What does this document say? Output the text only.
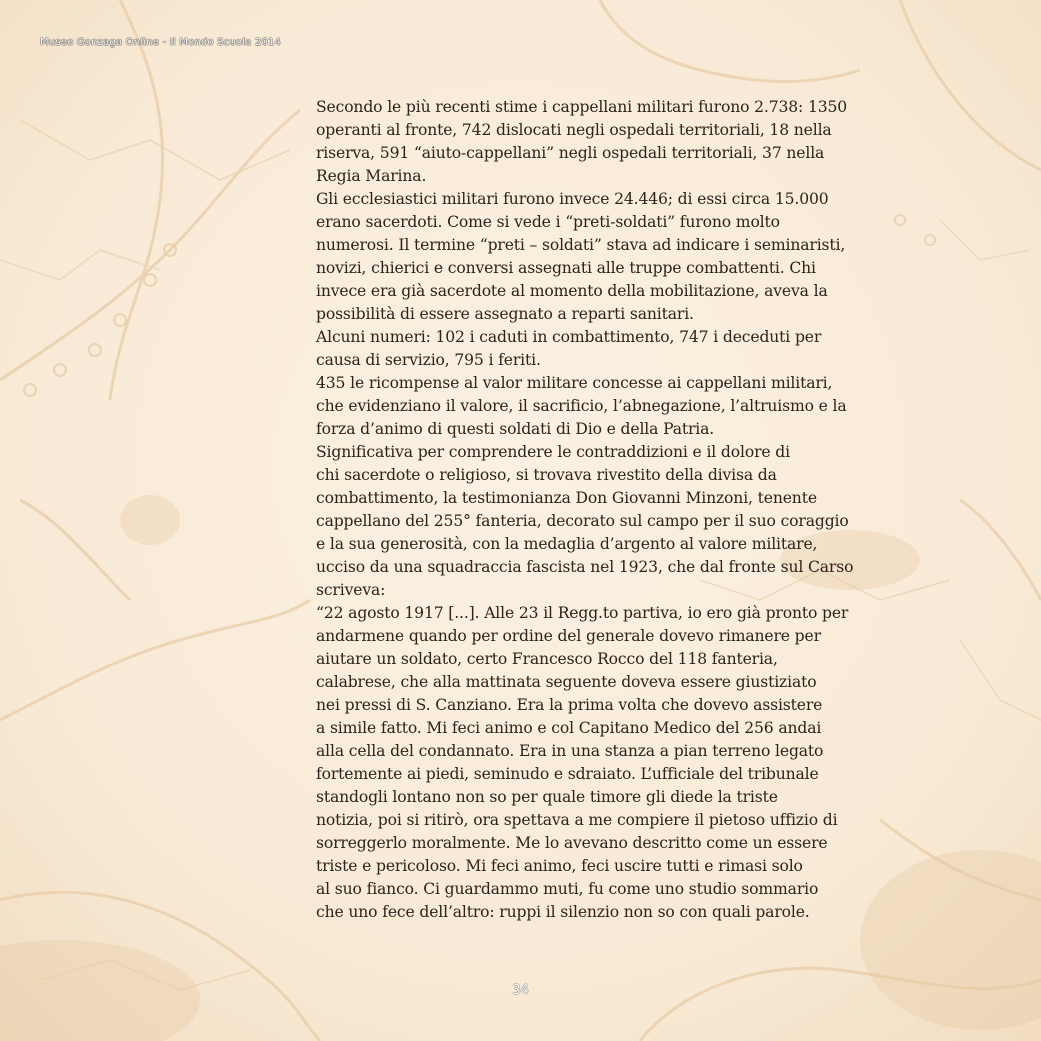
Museo Gonzaga Online - Il Mondo Scuola 2014
Secondo le più recenti stime i cappellani militari furono 2.738: 1350
operanti al fronte, 742 dislocati negli ospedali territoriali, 18 nella
riserva, 591 “aiuto-cappellani” negli ospedali territoriali, 37 nella
Regia Marina.
Gli ecclesiastici militari furono invece 24.446; di essi circa 15.000
erano sacerdoti. Come si vede i “preti-soldati” furono molto
numerosi. Il termine “preti – soldati” stava ad indicare i seminaristi,
novizi, chierici e conversi assegnati alle truppe combattenti. Chi
invece era già sacerdote al momento della mobilitazione, aveva la
possibilità di essere assegnato a reparti sanitari.
Alcuni numeri: 102 i caduti in combattimento, 747 i deceduti per
causa di servizio, 795 i feriti.
435 le ricompense al valor militare concesse ai cappellani militari,
che evidenziano il valore, il sacrificio, l’abnegazione, l’altruismo e la
forza d’animo di questi soldati di Dio e della Patria.
Significativa per comprendere le contraddizioni e il dolore di
chi sacerdote o religioso, si trovava rivestito della divisa da
combattimento, la testimonianza Don Giovanni Minzoni, tenente
cappellano del 255° fanteria, decorato sul campo per il suo coraggio
e la sua generosità, con la medaglia d’argento al valore militare,
ucciso da una squadraccia fascista nel 1923, che dal fronte sul Carso
scriveva:
“22 agosto 1917 [...]. Alle 23 il Regg.to partiva, io ero già pronto per
andarmene quando per ordine del generale dovevo rimanere per
aiutare un soldato, certo Francesco Rocco del 118 fanteria,
calabrese, che alla mattinata seguente doveva essere giustiziato
nei pressi di S. Canziano. Era la prima volta che dovevo assistere
a simile fatto. Mi feci animo e col Capitano Medico del 256 andai
alla cella del condannato. Era in una stanza a pian terreno legato
fortemente ai piedi, seminudo e sdraiato. L’ufficiale del tribunale
standogli lontano non so per quale timore gli diede la triste
notizia, poi si ritirò, ora spettava a me compiere il pietoso uffizio di
sorreggerlo moralmente. Me lo avevano descritto come un essere
triste e pericoloso. Mi feci animo, feci uscire tutti e rimasi solo
al suo fianco. Ci guardammo muti, fu come uno studio sommario
che uno fece dell’altro: ruppi il silenzio non so con quali parole.
34
